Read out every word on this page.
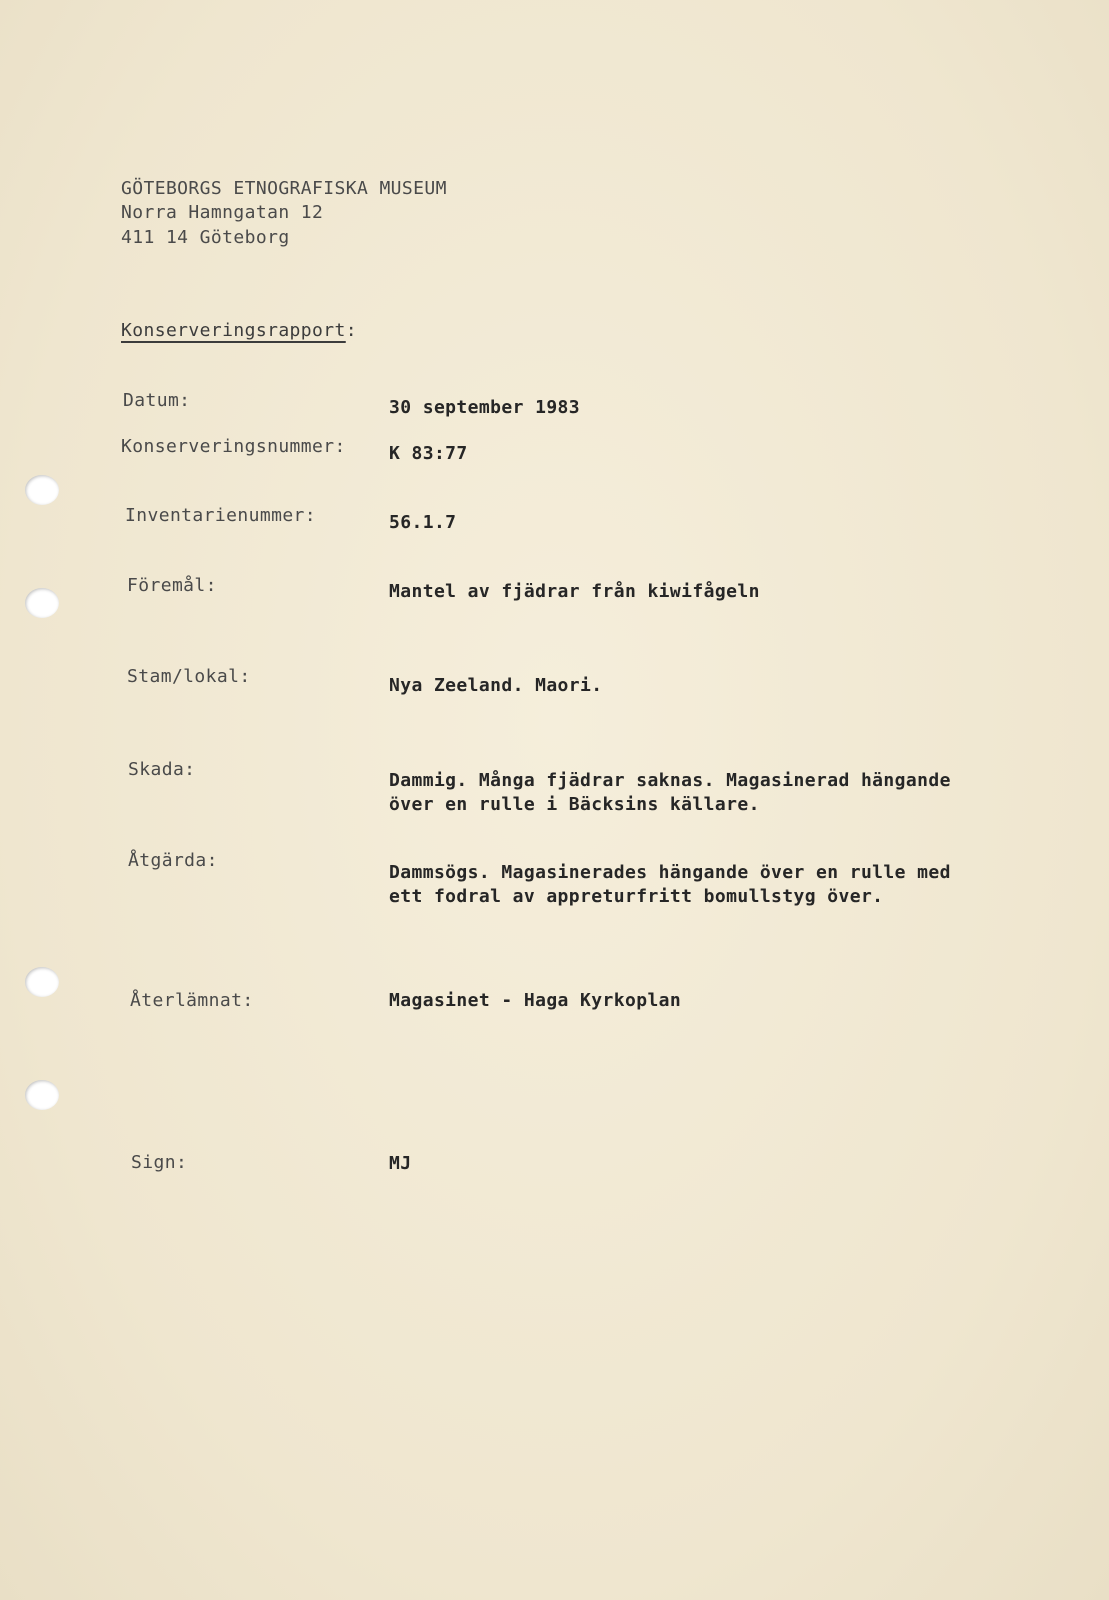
GÖTEBORGS ETNOGRAFISKA MUSEUM
Norra Hamngatan 12
411 14 Göteborg
Konserveringsrapport:
Datum:	30 september 1983
Konserveringsnummer: K 83:77
Inventarienummer:	56.1.7
Föremål:	Mantel av fjädrar från kiwifågeln
Stam/lokal:	Nya Zeeland. Maori.
Skada:
Dammig. Många fjädrar saknas. Magasinerad hängande
över en rulle i Bäcksins källare.
Åtgärda:
Dammsögs. Magasinerades hängande över en rulle med
ett fodral av appreturfritt bomullstyg över.
Återlämnat:	Magasinet - Haga Kyrkoplan
Sign:	MJ
